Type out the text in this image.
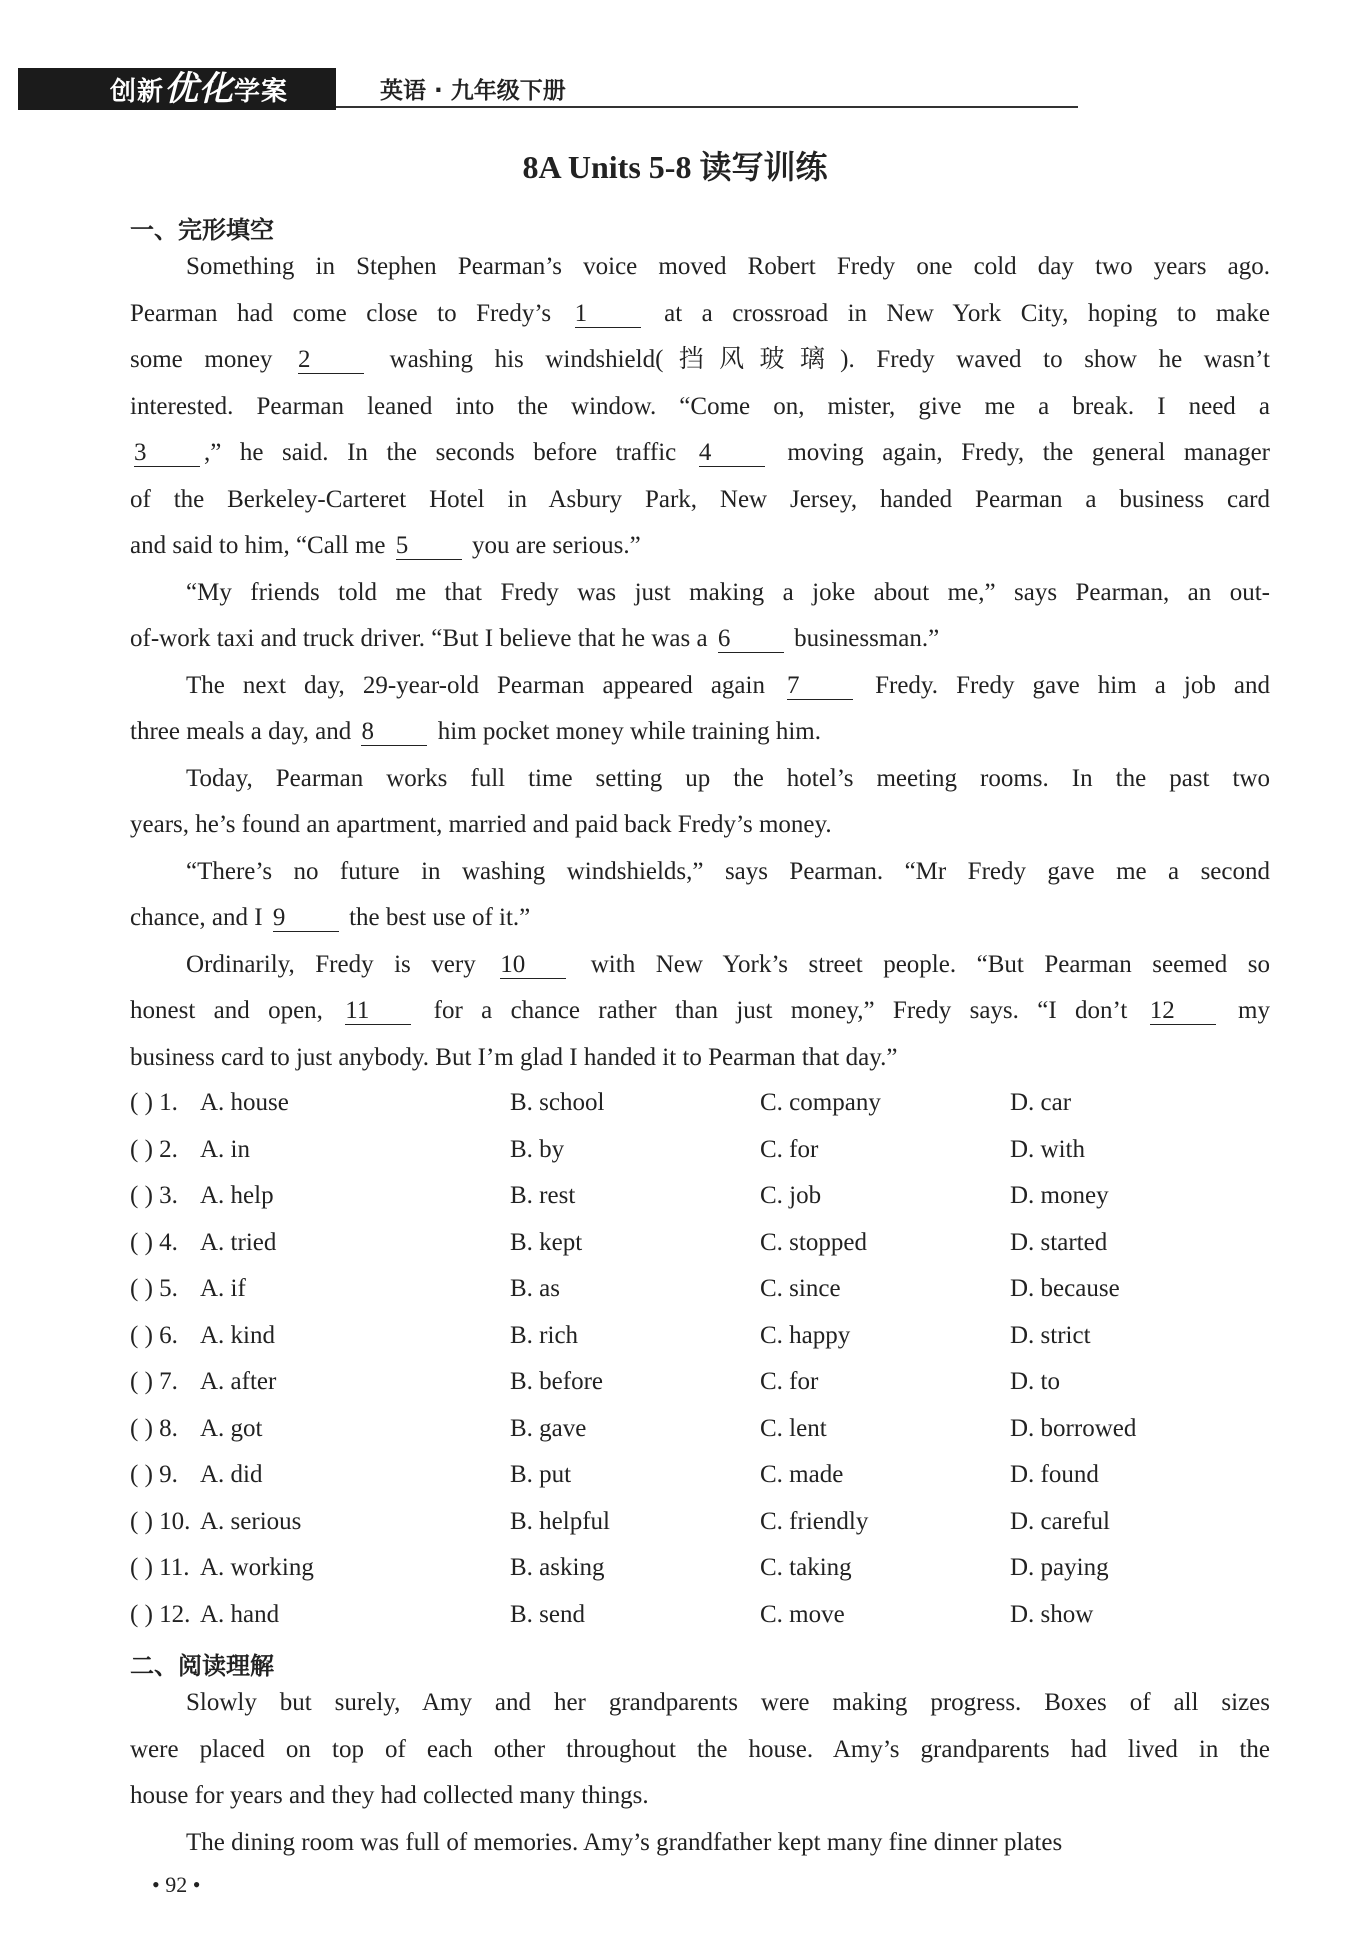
创新优化学案	英语 · 九年级下册
8A Units 5-8 读写训练
一、完形填空
Something in Stephen Pearman’s voice moved Robert Fredy one cold day two years ago.
Pearman had come close to Fredy’s 1 at a crossroad in New York City, hoping to make
some money 2 washing his windshield(挡风玻璃). Fredy waved to show he wasn’t
interested. Pearman leaned into the window. “Come on, mister, give me a break. I need a
3 ,” he said. In the seconds before traffic 4 moving again, Fredy, the general manager
of the Berkeley-Carteret Hotel in Asbury Park, New Jersey, handed Pearman a business card
and said to him, “Call me 5 you are serious.”
“My friends told me that Fredy was just making a joke about me,” says Pearman, an out-
of-work taxi and truck driver. “But I believe that he was a 6 businessman.”
The next day, 29-year-old Pearman appeared again 7 Fredy. Fredy gave him a job and
three meals a day, and 8 him pocket money while training him.
Today, Pearman works full time setting up the hotel’s meeting rooms. In the past two
years, he’s found an apartment, married and paid back Fredy’s money.
“There’s no future in washing windshields,” says Pearman. “Mr Fredy gave me a second
chance, and I 9 the best use of it.”
Ordinarily, Fredy is very 10 with New York’s street people. “But Pearman seemed so
honest and open, 11 for a chance rather than just money,” Fredy says. “I don’t 12 my
business card to just anybody. But I’m glad I handed it to Pearman that day.”
( ) 1. A. house	B. school	C. company	D. car
( ) 2. A. in	B. by	C. for	D. with
( ) 3. A. help	B. rest	C. job	D. money
( ) 4. A. tried	B. kept	C. stopped	D. started
( ) 5. A. if	B. as	C. since	D. because
( ) 6. A. kind	B. rich	C. happy	D. strict
( ) 7. A. after	B. before	C. for	D. to
( ) 8. A. got	B. gave	C. lent	D. borrowed
( ) 9. A. did	B. put	C. made	D. found
( ) 10. A. serious	B. helpful	C. friendly	D. careful
( ) 11. A. working	B. asking	C. taking	D. paying
( ) 12. A. hand	B. send	C. move	D. show
二、阅读理解
Slowly but surely, Amy and her grandparents were making progress. Boxes of all sizes
were placed on top of each other throughout the house. Amy’s grandparents had lived in the
house for years and they had collected many things.
The dining room was full of memories. Amy’s grandfather kept many fine dinner plates
• 92 •
